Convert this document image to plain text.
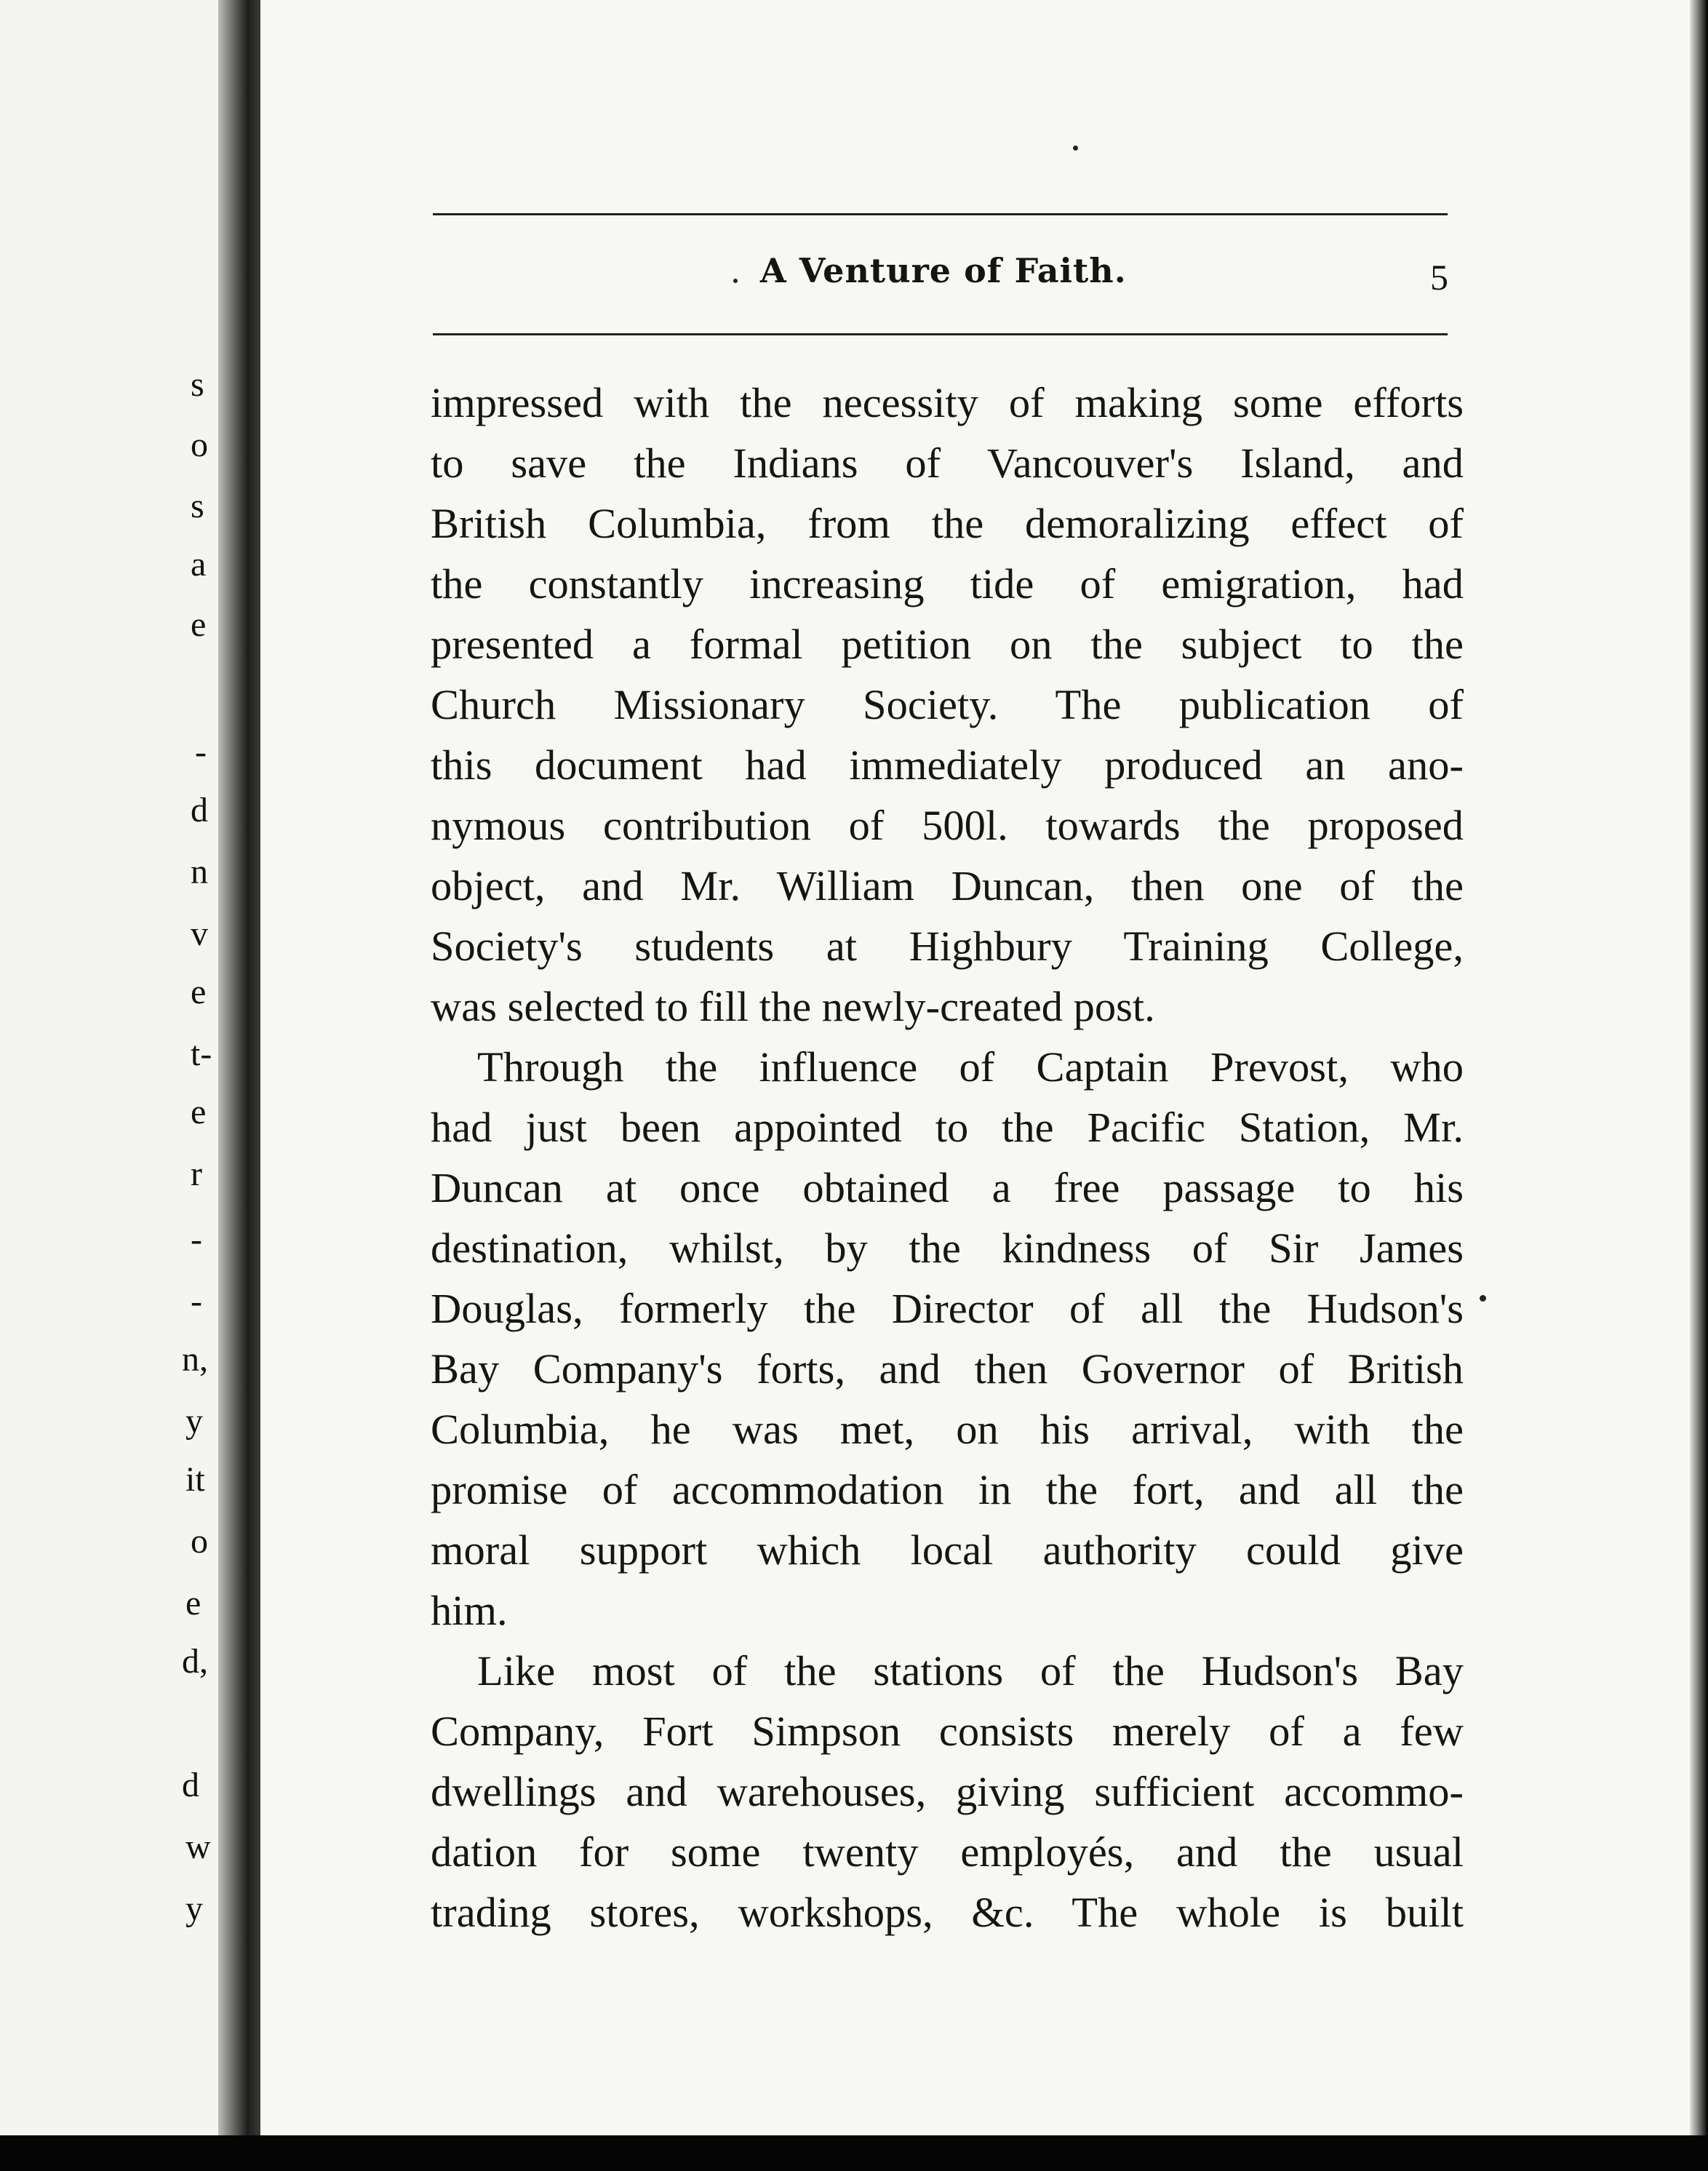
s
o
s
a
e
-
d
n
v
e
t-
e
r
-
-
n,
y
it
o
e
d,
d
w
y
A Venture of Faith.	5
impressed with the necessity of making some efforts
to save the Indians of Vancouver's Island, and
British Columbia, from the demoralizing effect of
the constantly increasing tide of emigration, had
presented a formal petition on the subject to the
Church Missionary Society. The publication of
this document had immediately produced an ano-
nymous contribution of 500l. towards the proposed
object, and Mr. William Duncan, then one of the
Society's students at Highbury Training College,
was selected to fill the newly-created post.
Through the influence of Captain Prevost, who
had just been appointed to the Pacific Station, Mr.
Duncan at once obtained a free passage to his
destination, whilst, by the kindness of Sir James
Douglas, formerly the Director of all the Hudson's
Bay Company's forts, and then Governor of British
Columbia, he was met, on his arrival, with the
promise of accommodation in the fort, and all the
moral support which local authority could give
him.
Like most of the stations of the Hudson's Bay
Company, Fort Simpson consists merely of a few
dwellings and warehouses, giving sufficient accommo-
dation for some twenty employés, and the usual
trading stores, workshops, &c. The whole is built
